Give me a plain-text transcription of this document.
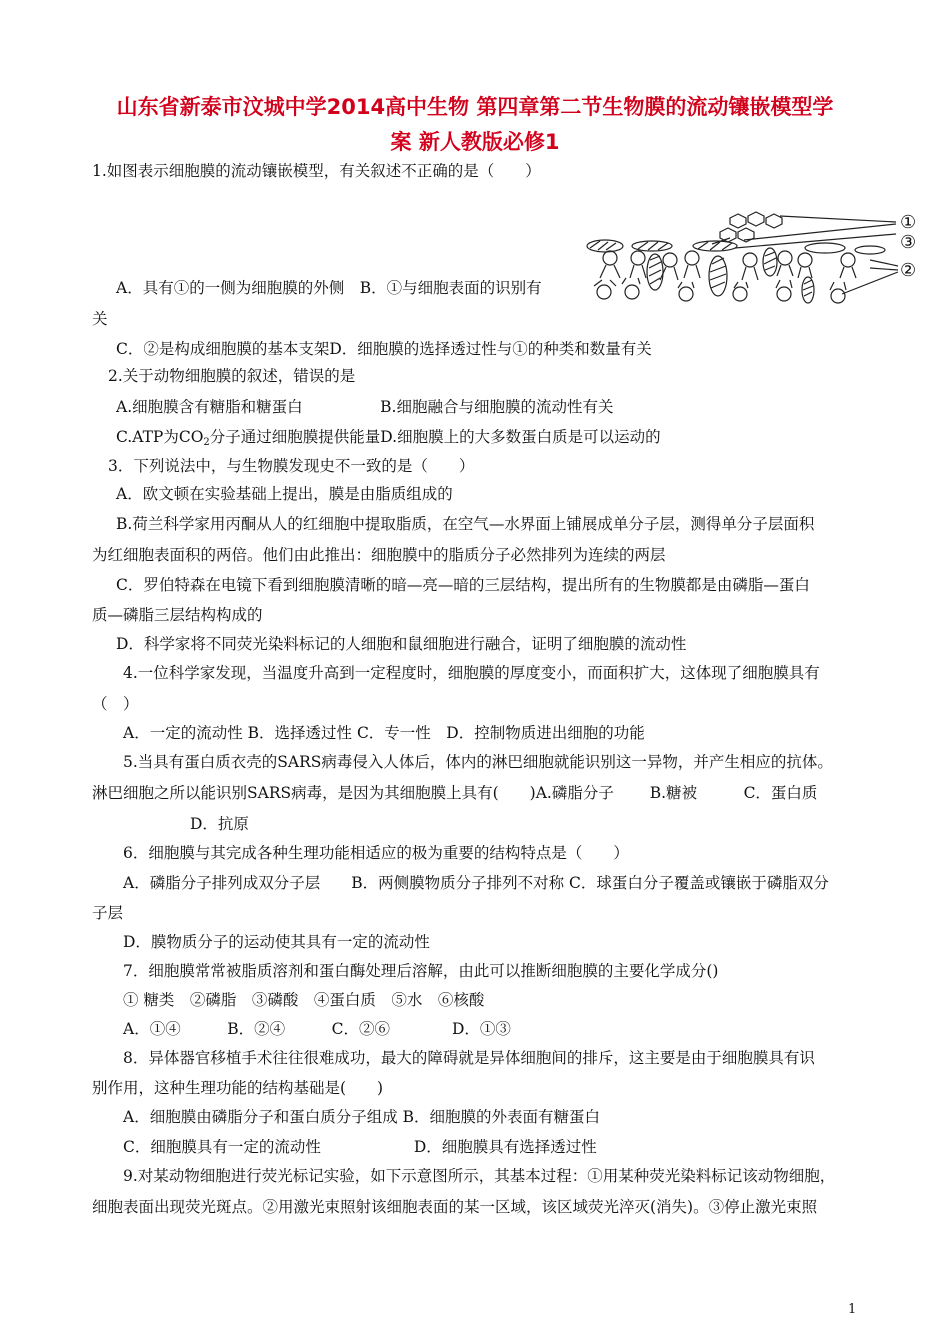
山东省新泰市汶城中学2014高中生物 第四章第二节生物膜的流动镶嵌模型学
案 新人教版必修1
1.如图表示细胞膜的流动镶嵌模型，有关叙述不正确的是（　　）
①
③
②
A．具有①的一侧为细胞膜的外侧　B．①与细胞表面的识别有
关
C．②是构成细胞膜的基本支架D．细胞膜的选择透过性与①的种类和数量有关
2.关于动物细胞膜的叙述，错误的是
A.细胞膜含有糖脂和糖蛋白　　　　　B.细胞融合与细胞膜的流动性有关
C.ATP为$CO_2$分子通过细胞膜提供能量D.细胞膜上的大多数蛋白质是可以运动的
3．下列说法中，与生物膜发现史不一致的是（　　）
A．欧文顿在实验基础上提出，膜是由脂质组成的
B.荷兰科学家用丙酮从人的红细胞中提取脂质，在空气—水界面上铺展成单分子层，测得单分子层面积
为红细胞表面积的两倍。他们由此推出：细胞膜中的脂质分子必然排列为连续的两层
C．罗伯特森在电镜下看到细胞膜清晰的暗—亮—暗的三层结构，提出所有的生物膜都是由磷脂—蛋白
质—磷脂三层结构构成的
D．科学家将不同荧光染料标记的人细胞和鼠细胞进行融合，证明了细胞膜的流动性
4.一位科学家发现，当温度升高到一定程度时，细胞膜的厚度变小，而面积扩大，这体现了细胞膜具有
（　）
A．一定的流动性 B．选择透过性 C．专一性　D．控制物质进出细胞的功能
5.当具有蛋白质衣壳的SARS病毒侵入人体后，体内的淋巴细胞就能识别这一异物，并产生相应的抗体。
淋巴细胞之所以能识别SARS病毒，是因为其细胞膜上具有(　　)A.磷脂分子　　 B.糖被　　　C．蛋白质
D．抗原
6．细胞膜与其完成各种生理功能相适应的极为重要的结构特点是（　　）
A．磷脂分子排列成双分子层　　B．两侧膜物质分子排列不对称 C．球蛋白分子覆盖或镶嵌于磷脂双分
子层
D．膜物质分子的运动使其具有一定的流动性
7．细胞膜常常被脂质溶剂和蛋白酶处理后溶解，由此可以推断细胞膜的主要化学成分()
① 糖类　②磷脂　③磷酸　④蛋白质　⑤水　⑥核酸
A．①④　　　B．②④　　　C．②⑥　　　　D．①③
8．异体器官移植手术往往很难成功，最大的障碍就是异体细胞间的排斥，这主要是由于细胞膜具有识
别作用，这种生理功能的结构基础是(　　)
A．细胞膜由磷脂分子和蛋白质分子组成 B．细胞膜的外表面有糖蛋白
C．细胞膜具有一定的流动性　　　　　　D．细胞膜具有选择透过性
9.对某动物细胞进行荧光标记实验，如下示意图所示，其基本过程：①用某种荧光染料标记该动物细胞，
细胞表面出现荧光斑点。②用激光束照射该细胞表面的某一区域，该区域荧光淬灭(消失)。③停止激光束照
1
